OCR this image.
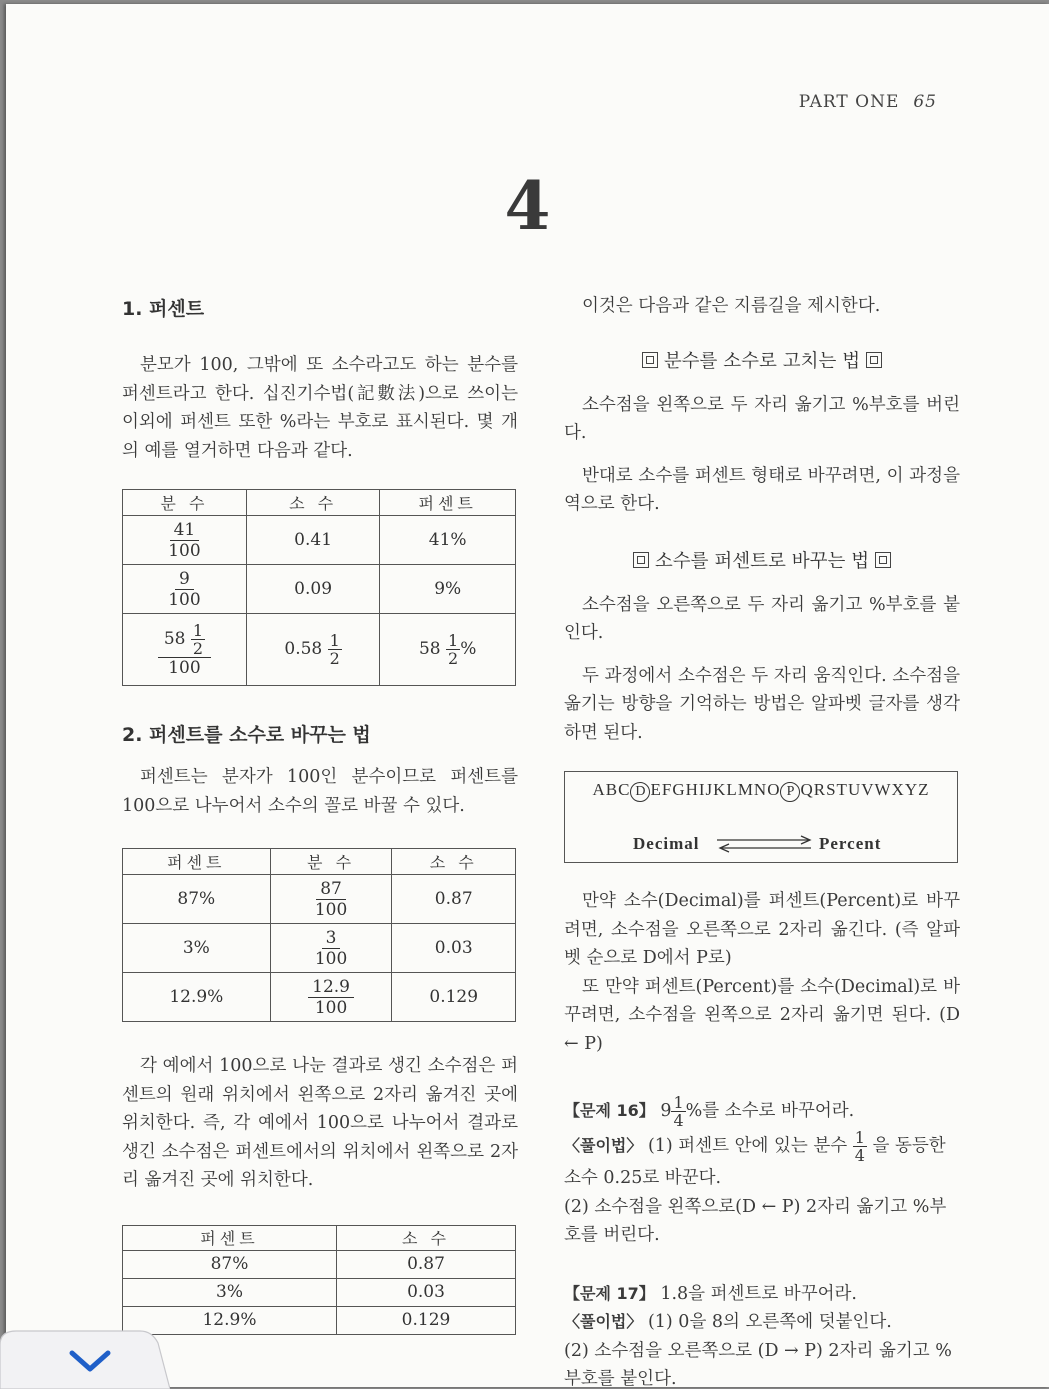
PART ONE 65
4
1. 퍼센트

분모가 100, 그밖에 또 소수라고도 하는 분수를 퍼센트라고 한다. 십진기수법(記數法)으로 쓰이는 이외에 퍼센트 또한 %라는 부호로 표시된다. 몇 개의 예를 열거하면 다음과 같다.

분 수	소 수	퍼센트

$\frac{41}{100}$	0.41	41%

$\frac{9}{100}$	0.09	9%

$\frac{58 \frac{1}{2}}{100}$	$0.58 \frac{1}{2}$	$58 \frac{1}{2}$ %
2. 퍼센트를 소수로 바꾸는 법

퍼센트는 분자가 100인 분수이므로 퍼센트를 100으로 나누어서 소수의 꼴로 바꿀 수 있다.

퍼센트	분 수	소 수
87%	$\frac{87}{100}$	0.87
3%	$\frac{3}{100}$	0.03
12.9%	$\frac{12.9}{100}$	0.129

각 예에서 100으로 나눈 결과로 생긴 소수점은 퍼센트의 원래 위치에서 왼쪽으로 2자리 옮겨진 곳에 위치한다. 즉, 각 예에서 100으로 나누어서 결과로 생긴 소수점은 퍼센트에서의 위치에서 왼쪽으로 2자리 옮겨진 곳에 위치한다.

퍼센트	소 수
87%	0.87
3%	0.03
12.9%	0.129

이것은 다음과 같은 지름길을 제시한다.

분수를 소수로 고치는 법

소수점을 왼쪽으로 두 자리 옮기고 %부호를 버린다.

반대로 소수를 퍼센트 형태로 바꾸려면, 이 과정을 역으로 한다.

소수를 퍼센트로 바꾸는 법

소수점을 오른쪽으로 두 자리 옮기고 %부호를 붙인다.

두 과정에서 소수점은 두 자리 움직인다. 소수점을 옮기는 방향을 기억하는 방법은 알파벳 글자를 생각하면 된다.

ABC D EFGHIJKLMNO P QRSTUVWXYZ
Decimal	Percent

만약 소수(Decimal)를 퍼센트(Percent)로 바꾸려면, 소수점을 오른쪽으로 2자리 옮긴다. (즉 알파벳 순으로 D에서 P로)

또 만약 퍼센트(Percent)를 소수(Decimal)로 바꾸려면, 소수점을 왼쪽으로 2자리 옮기면 된다. (D ← P)

【문제 16】 $9 \frac{1}{4}$ %를 소수로 바꾸어라.
〈풀이법〉 (1) 퍼센트 안에 있는 분수 $\frac{1}{4}$ 을 동등한 소수 0.25로 바꾼다.
(2) 소수점을 왼쪽으로(D ← P) 2자리 옮기고 %부호를 버린다.
【문제 17】 1.8을 퍼센트로 바꾸어라.
〈풀이법〉 (1) 0을 8의 오른쪽에 덧붙인다.
(2) 소수점을 오른쪽으로 (D → P) 2자리 옮기고 %부호를 붙인다.
